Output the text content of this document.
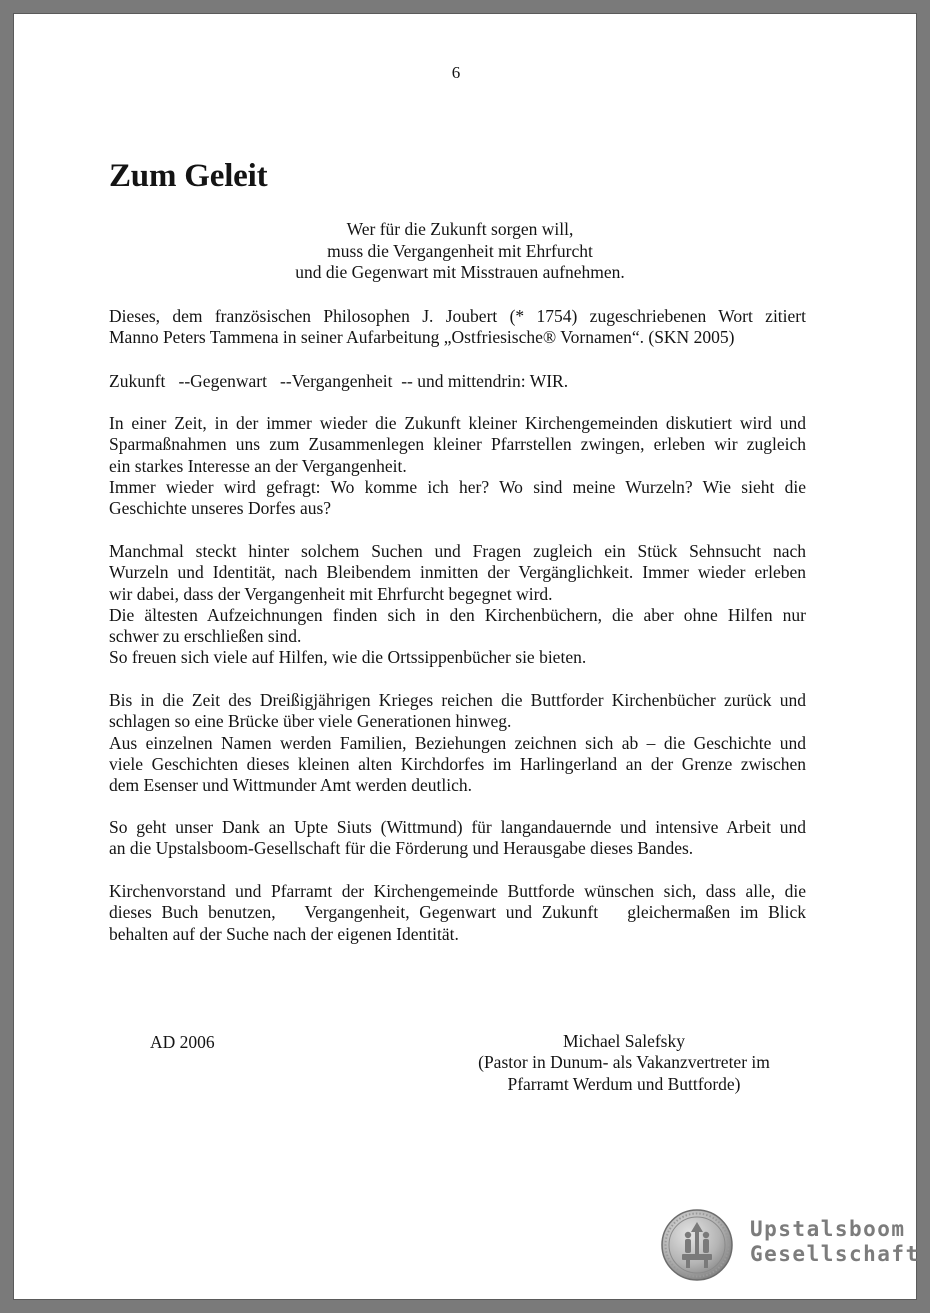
6
Zum Geleit
Wer für die Zukunft sorgen will,
muss die Vergangenheit mit Ehrfurcht
und die Gegenwart mit Misstrauen aufnehmen.
Dieses, dem französischen Philosophen J. Joubert (* 1754) zugeschriebenen Wort zitiert
Manno Peters Tammena in seiner Aufarbeitung „Ostfriesische® Vornamen“. (SKN 2005)
Zukunft   --Gegenwart   --Vergangenheit  -- und mittendrin: WIR.
In einer Zeit, in der immer wieder die Zukunft kleiner Kirchengemeinden diskutiert wird und
Sparmaßnahmen uns zum Zusammenlegen kleiner Pfarrstellen zwingen, erleben wir zugleich
ein starkes Interesse an der Vergangenheit.
Immer wieder wird gefragt: Wo komme ich her? Wo sind meine Wurzeln? Wie sieht die
Geschichte unseres Dorfes aus?
Manchmal steckt hinter solchem Suchen und Fragen zugleich ein Stück Sehnsucht nach
Wurzeln und Identität, nach Bleibendem inmitten der Vergänglichkeit. Immer wieder erleben
wir dabei, dass der Vergangenheit mit Ehrfurcht begegnet wird.
Die ältesten Aufzeichnungen finden sich in den Kirchenbüchern, die aber ohne Hilfen nur
schwer zu erschließen sind.
So freuen sich viele auf Hilfen, wie die Ortssippenbücher sie bieten.
Bis in die Zeit des Dreißigjährigen Krieges reichen die Buttforder Kirchenbücher zurück und
schlagen so eine Brücke über viele Generationen hinweg.
Aus einzelnen Namen werden Familien, Beziehungen zeichnen sich ab – die Geschichte und
viele Geschichten dieses kleinen alten Kirchdorfes im Harlingerland an der Grenze zwischen
dem Esenser und Wittmunder Amt werden deutlich.
So geht unser Dank an Upte Siuts (Wittmund) für langandauernde und intensive Arbeit und
an die Upstalsboom-Gesellschaft für die Förderung und Herausgabe dieses Bandes.
Kirchenvorstand und Pfarramt der Kirchengemeinde Buttforde wünschen sich, dass alle, die
dieses Buch benutzen,   Vergangenheit, Gegenwart und Zukunft   gleichermaßen im Blick
behalten auf der Suche nach der eigenen Identität.
AD 2006	Michael Salefsky
(Pastor in Dunum- als Vakanzvertreter im
Pfarramt Werdum und Buttforde)
Upstalsboom
Gesellschaft
